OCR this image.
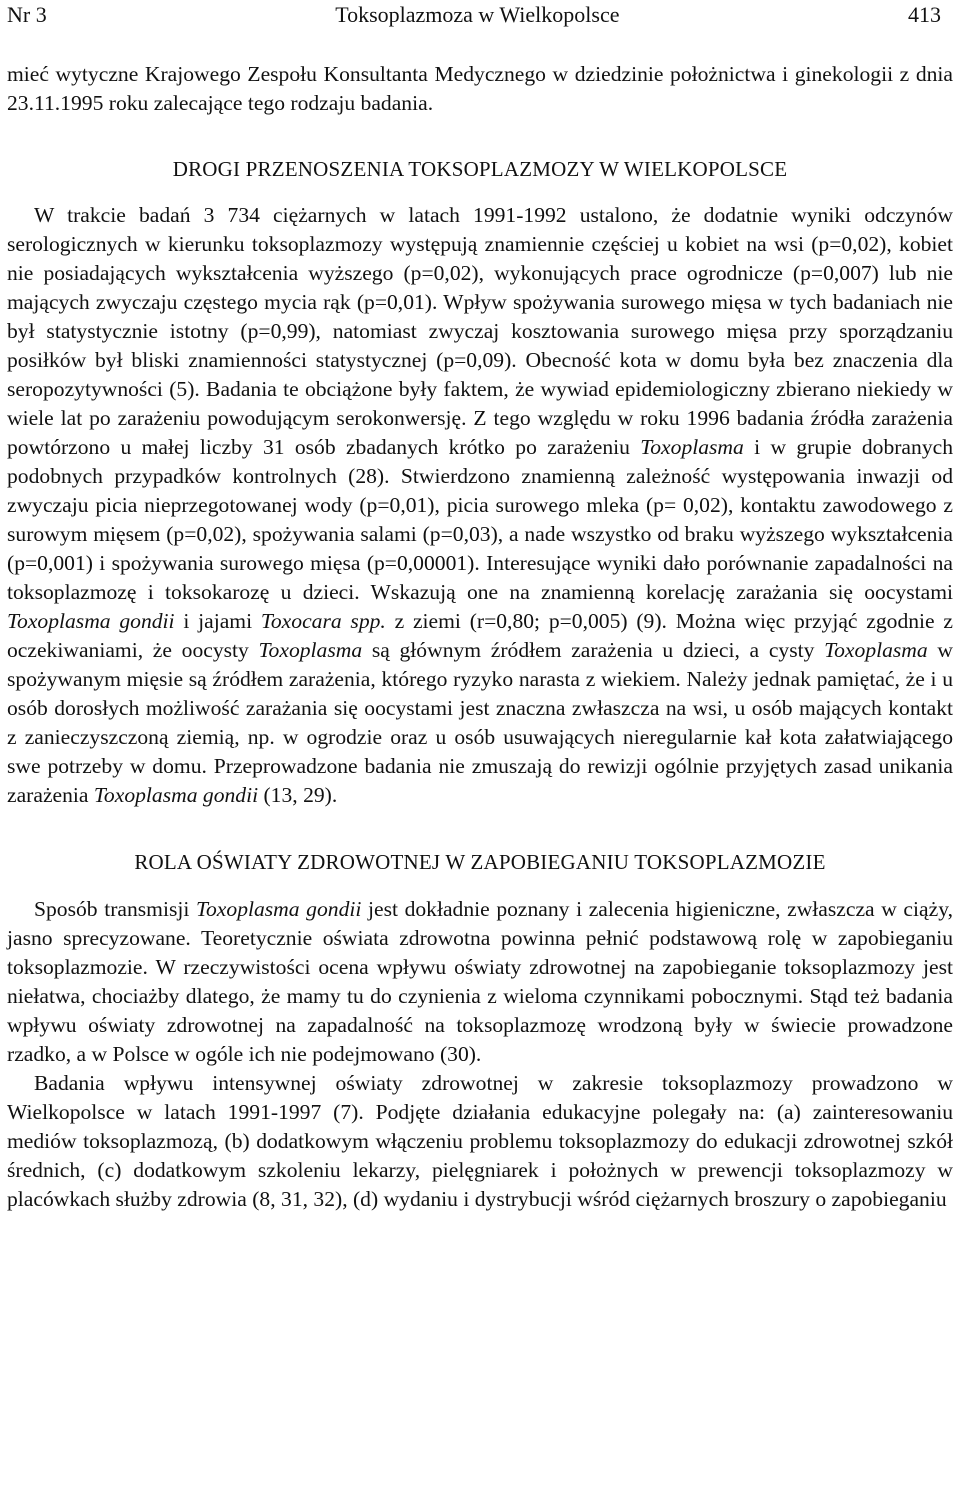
Nr 3	Toksoplazmoza w Wielkopolsce	413

mieć wytyczne Krajowego Zespołu Konsultanta Medycznego w dziedzinie położnictwa i ginekologii z dnia 23.11.1995 roku zalecające tego rodzaju badania.

DROGI PRZENOSZENIA TOKSOPLAZMOZY W WIELKOPOLSCE

W trakcie badań 3 734 ciężarnych w latach 1991-1992 ustalono, że dodatnie wyniki odczynów serologicznych w kierunku toksoplazmozy występują znamiennie częściej u kobiet na wsi (p=0,02), kobiet nie posiadających wykształcenia wyższego (p=0,02), wykonujących prace ogrodnicze (p=0,007) lub nie mających zwyczaju częstego mycia rąk (p=0,01). Wpływ spożywania surowego mięsa w tych badaniach nie był statystycznie istotny (p=0,99), natomiast zwyczaj kosztowania surowego mięsa przy sporządzaniu posiłków był bliski znamienności statystycznej (p=0,09). Obecność kota w domu była bez znaczenia dla seropozytywności (5). Badania te obciążone były faktem, że wywiad epidemiologiczny zbierano niekiedy w wiele lat po zarażeniu powodującym serokonwersję. Z tego względu w roku 1996 badania źródła zarażenia powtórzono u małej liczby 31 osób zbadanych krótko po zarażeniu Toxoplasma i w grupie dobranych podobnych przypadków kontrolnych (28). Stwierdzono znamienną zależność występowania inwazji od zwyczaju picia nieprzegotowanej wody (p=0,01), picia surowego mleka (p= 0,02), kontaktu zawodowego z surowym mięsem (p=0,02), spożywania salami (p=0,03), a nade wszystko od braku wyższego wykształcenia (p=0,001) i spożywania surowego mięsa (p=0,00001). Interesujące wyniki dało porównanie zapadalności na toksoplazmozę i toksokarozę u dzieci. Wskazują one na znamienną korelację zarażania się oocystami Toxoplasma gondii i jajami Toxocara spp. z ziemi (r=0,80; p=0,005) (9). Można więc przyjąć zgodnie z oczekiwaniami, że oocysty Toxoplasma są głównym źródłem zarażenia u dzieci, a cysty Toxoplasma w spożywanym mięsie są źródłem zarażenia, którego ryzyko narasta z wiekiem. Należy jednak pamiętać, że i u osób dorosłych możliwość zarażania się oocystami jest znaczna zwłaszcza na wsi, u osób mających kontakt z zanieczyszczoną ziemią, np. w ogrodzie oraz u osób usuwających nieregularnie kał kota załatwiającego swe potrzeby w domu. Przeprowadzone badania nie zmuszają do rewizji ogólnie przyjętych zasad unikania zarażenia Toxoplasma gondii (13, 29).

ROLA OŚWIATY ZDROWOTNEJ W ZAPOBIEGANIU TOKSOPLAZMOZIE

Sposób transmisji Toxoplasma gondii jest dokładnie poznany i zalecenia higieniczne, zwłaszcza w ciąży, jasno sprecyzowane. Teoretycznie oświata zdrowotna powinna pełnić podstawową rolę w zapobieganiu toksoplazmozie. W rzeczywistości ocena wpływu oświaty zdrowotnej na zapobieganie toksoplazmozy jest niełatwa, chociażby dlatego, że mamy tu do czynienia z wieloma czynnikami pobocznymi. Stąd też badania wpływu oświaty zdrowotnej na zapadalność na toksoplazmozę wrodzoną były w świecie prowadzone rzadko, a w Polsce w ogóle ich nie podejmowano (30).

Badania wpływu intensywnej oświaty zdrowotnej w zakresie toksoplazmozy prowadzono w Wielkopolsce w latach 1991-1997 (7). Podjęte działania edukacyjne polegały na: (a) zainteresowaniu mediów toksoplazmozą, (b) dodatkowym włączeniu problemu toksoplazmozy do edukacji zdrowotnej szkół średnich, (c) dodatkowym szkoleniu lekarzy, pielęgniarek i położnych w prewencji toksoplazmozy w placówkach służby zdrowia (8, 31, 32), (d) wydaniu i dystrybucji wśród ciężarnych broszury o zapobieganiu
